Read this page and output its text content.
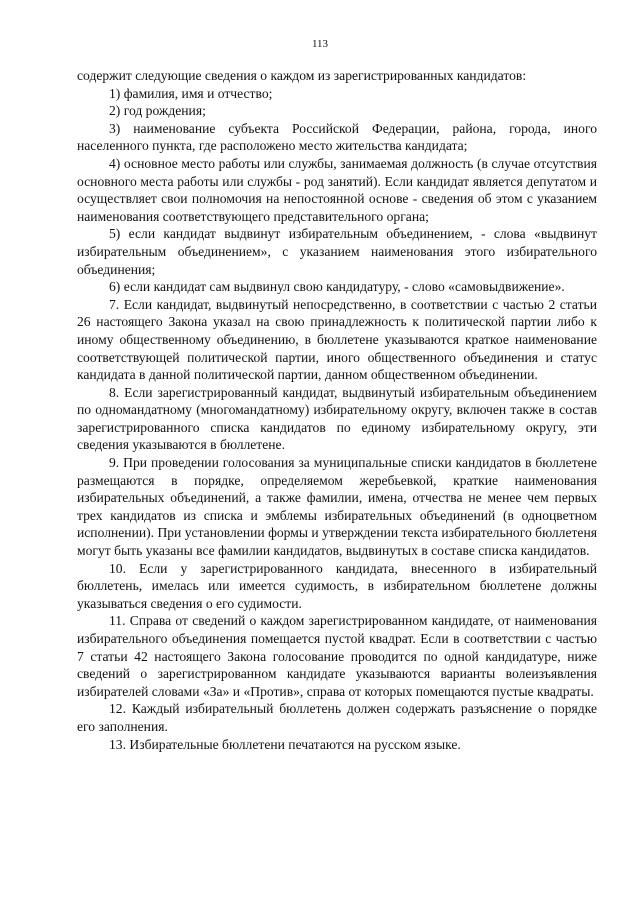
113

содержит следующие сведения о каждом из зарегистрированных кандидатов:

1) фамилия, имя и отчество;

2) год рождения;

3) наименование субъекта Российской Федерации, района, города, иного населенного пункта, где расположено место жительства кандидата;

4) основное место работы или службы, занимаемая должность (в случае отсутствия основного места работы или службы - род занятий). Если кандидат является депутатом и осуществляет свои полномочия на непостоянной основе - сведения об этом с указанием наименования соответствующего представительного органа;

5) если кандидат выдвинут избирательным объединением, - слова «выдвинут избирательным объединением», с указанием наименования этого избирательного объединения;

6) если кандидат сам выдвинул свою кандидатуру, - слово «самовыдвижение».

7. Если кандидат, выдвинутый непосредственно, в соответствии с частью 2 статьи 26 настоящего Закона указал на свою принадлежность к политической партии либо к иному общественному объединению, в бюллетене указываются краткое наименование соответствующей политической партии, иного общественного объединения и статус кандидата в данной политической партии, данном общественном объединении.

8. Если зарегистрированный кандидат, выдвинутый избирательным объединением по одномандатному (многомандатному) избирательному округу, включен также в состав зарегистрированного списка кандидатов по единому избирательному округу, эти сведения указываются в бюллетене.

9. При проведении голосования за муниципальные списки кандидатов в бюллетене размещаются в порядке, определяемом жеребьевкой, краткие наименования избирательных объединений, а также фамилии, имена, отчества не менее чем первых трех кандидатов из списка и эмблемы избирательных объединений (в одноцветном исполнении). При установлении формы и утверждении текста избирательного бюллетеня могут быть указаны все фамилии кандидатов, выдвинутых в составе списка кандидатов.

10. Если у зарегистрированного кандидата, внесенного в избирательный бюллетень, имелась или имеется судимость, в избирательном бюллетене должны указываться сведения о его судимости.

11. Справа от сведений о каждом зарегистрированном кандидате, от наименования избирательного объединения помещается пустой квадрат. Если в соответствии с частью 7 статьи 42 настоящего Закона голосование проводится по одной кандидатуре, ниже сведений о зарегистрированном кандидате указываются варианты волеизъявления избирателей словами «За» и «Против», справа от которых помещаются пустые квадраты.

12. Каждый избирательный бюллетень должен содержать разъяснение о порядке его заполнения.

13. Избирательные бюллетени печатаются на русском языке.
